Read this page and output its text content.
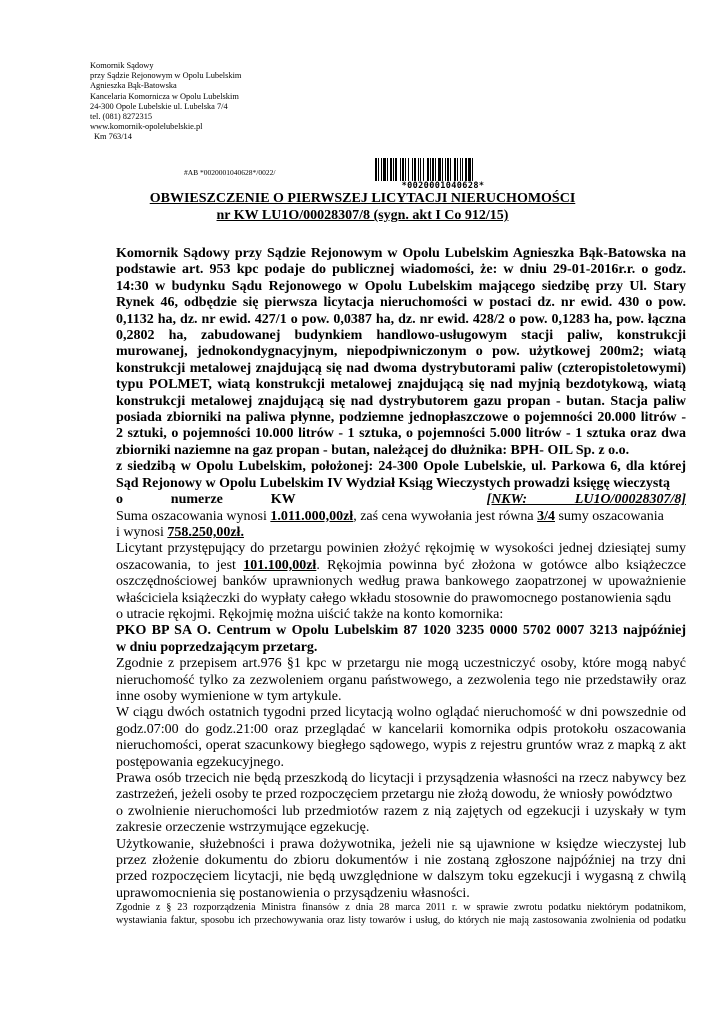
Komornik Sądowy
przy Sądzie Rejonowym w Opolu Lubelskim
Agnieszka Bąk-Batowska
Kancelaria Komornicza w Opolu Lubelskim
24-300 Opole Lubelskie ul. Lubelska 7/4
tel. (081) 8272315
www.komornik-opolelubelskie.pl
Km 763/14
#AB *0020001040628*/0022/
*0020001040628*
OBWIESZCZENIE O PIERWSZEJ LICYTACJI NIERUCHOMOŚCI
nr KW LU1O/00028307/8 (sygn. akt I Co 912/15)
Komornik Sądowy przy Sądzie Rejonowym w Opolu Lubelskim Agnieszka Bąk-Batowska na
podstawie art. 953 kpc podaje do publicznej wiadomości, że: w dniu 29-01-2016r.r. o godz.
14:30 w budynku Sądu Rejonowego w Opolu Lubelskim mającego siedzibę przy Ul. Stary
Rynek 46, odbędzie się pierwsza licytacja nieruchomości w postaci dz. nr ewid. 430 o pow.
0,1132 ha, dz. nr ewid. 427/1 o pow. 0,0387 ha, dz. nr ewid. 428/2 o pow. 0,1283 ha, pow. łączna
0,2802 ha, zabudowanej budynkiem handlowo-usługowym stacji paliw, konstrukcji
murowanej, jednokondygnacyjnym, niepodpiwniczonym o pow. użytkowej 200m2; wiatą
konstrukcji metalowej znajdującą się nad dwoma dystrybutorami paliw (czteropistoletowymi)
typu POLMET, wiatą konstrukcji metalowej znajdującą się nad myjnią bezdotykową, wiatą
konstrukcji metalowej znajdującą się nad dystrybutorem gazu propan - butan. Stacja paliw
posiada zbiorniki na paliwa płynne, podziemne jednopłaszczowe o pojemności 20.000 litrów -
2 sztuki, o pojemności 10.000 litrów - 1 sztuka, o pojemności 5.000 litrów - 1 sztuka oraz dwa
zbiorniki naziemne na gaz propan - butan, należącej do dłużnika: BPH- OIL Sp. z o.o.
z siedzibą w Opolu Lubelskim, położonej: 24-300 Opole Lubelskie, ul. Parkowa 6, dla której
Sąd Rejonowy w Opolu Lubelskim IV Wydział Ksiąg Wieczystych prowadzi księgę wieczystą
o numerze KW    [NKW: LU1O/00028307/8]
Suma oszacowania wynosi 1.011.000,00zł, zaś cena wywołania jest równa 3/4 sumy oszacowania
i wynosi 758.250,00zł.
Licytant przystępujący do przetargu powinien złożyć rękojmię w wysokości jednej dziesiątej sumy
oszacowania, to jest 101.100,00zł. Rękojmia powinna być złożona w gotówce albo książeczce
oszczędnościowej banków uprawnionych według prawa bankowego zaopatrzonej w upoważnienie
właściciela książeczki do wypłaty całego wkładu stosownie do prawomocnego postanowienia sądu
o utracie rękojmi. Rękojmię można uiścić także na konto komornika:
PKO BP SA O. Centrum w Opolu Lubelskim 87 1020 3235 0000 5702 0007 3213 najpóźniej
w dniu poprzedzającym przetarg.
Zgodnie z przepisem art.976 §1 kpc w przetargu nie mogą uczestniczyć osoby, które mogą nabyć
nieruchomość tylko za zezwoleniem organu państwowego, a zezwolenia tego nie przedstawiły oraz
inne osoby wymienione w tym artykule.
W ciągu dwóch ostatnich tygodni przed licytacją wolno oglądać nieruchomość w dni powszednie od
godz.07:00 do godz.21:00 oraz przeglądać w kancelarii komornika odpis protokołu oszacowania
nieruchomości, operat szacunkowy biegłego sądowego, wypis z rejestru gruntów wraz z mapką z akt
postępowania egzekucyjnego.
Prawa osób trzecich nie będą przeszkodą do licytacji i przysądzenia własności na rzecz nabywcy bez
zastrzeżeń, jeżeli osoby te przed rozpoczęciem przetargu nie złożą dowodu, że wniosły powództwo
o zwolnienie nieruchomości lub przedmiotów razem z nią zajętych od egzekucji i uzyskały w tym
zakresie orzeczenie wstrzymujące egzekucję.
Użytkowanie, służebności i prawa dożywotnika, jeżeli nie są ujawnione w księdze wieczystej lub
przez złożenie dokumentu do zbioru dokumentów i nie zostaną zgłoszone najpóźniej na trzy dni
przed rozpoczęciem licytacji, nie będą uwzględnione w dalszym toku egzekucji i wygasną z chwilą
uprawomocnienia się postanowienia o przysądzeniu własności.
Zgodnie z § 23 rozporządzenia Ministra finansów z dnia 28 marca 2011 r. w sprawie zwrotu podatku niektórym podatnikom,
wystawiania faktur, sposobu ich przechowywania oraz listy towarów i usług, do których nie mają zastosowania zwolnienia od podatku
